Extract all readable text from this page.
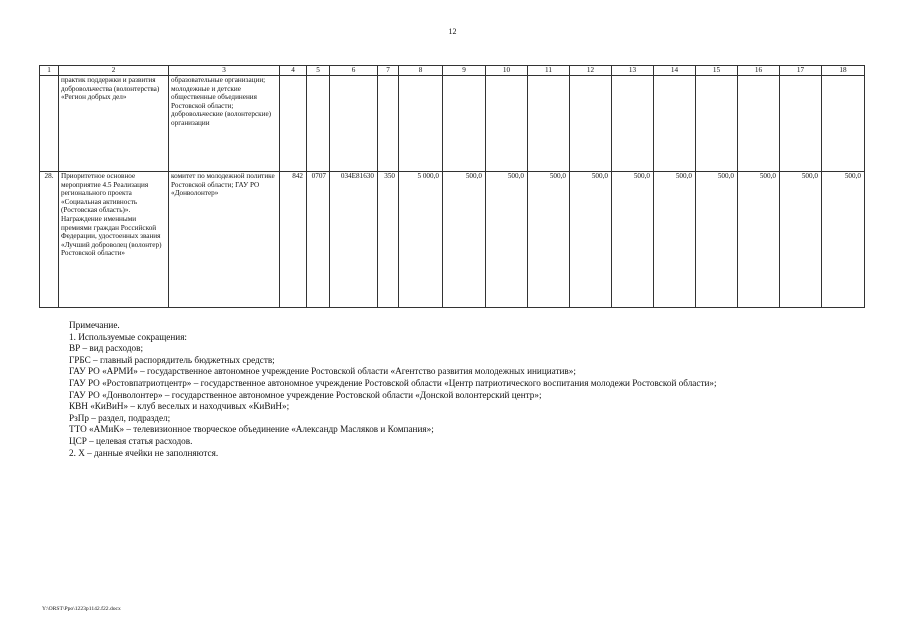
12
1	2	3	4	5	6	7	8	9	10	11	12	13	14	15	16	17	18
	практик поддержки и развития добровольчества (волонтерства) «Регион добрых дел»	образовательные организации; молодежные и детские общественные объединения Ростовской области; добровольческие (волонтерские) организации															
28.	Приоритетное основное мероприятие 4.5 Реализация регионального проекта «Социальная активность (Ростовская область)». Награждение именными премиями граждан Российской Федерации, удостоенных звания «Лучший доброволец (волонтер) Ростовской области»	комитет по молодежной политике Ростовской области; ГАУ РО «Донволонтер»	842	0707	034E81630	350	5 000,0	500,0	500,0	500,0	500,0	500,0	500,0	500,0	500,0	500,0	500,0
Примечание.
1. Используемые сокращения:
ВР – вид расходов;
ГРБС – главный распорядитель бюджетных средств;
ГАУ РО «АРМИ» – государственное автономное учреждение Ростовской области «Агентство развития молодежных инициатив»;
ГАУ РО «Ростовпатриотцентр» – государственное автономное учреждение Ростовской области «Центр патриотического воспитания молодежи Ростовской области»;
ГАУ РО «Донволонтер» – государственное автономное учреждение Ростовской области «Донской волонтерский центр»;
КВН «КиВиН» – клуб веселых и находчивых «КиВиН»;
РзПр – раздел, подраздел;
ТТО «АМиК» – телевизионное творческое объединение «Александр Масляков и Компания»;
ЦСР – целевая статья расходов.
2. Х – данные ячейки не заполняются.
Y:\ORST\Ppo\1223p1142.f22.docx
